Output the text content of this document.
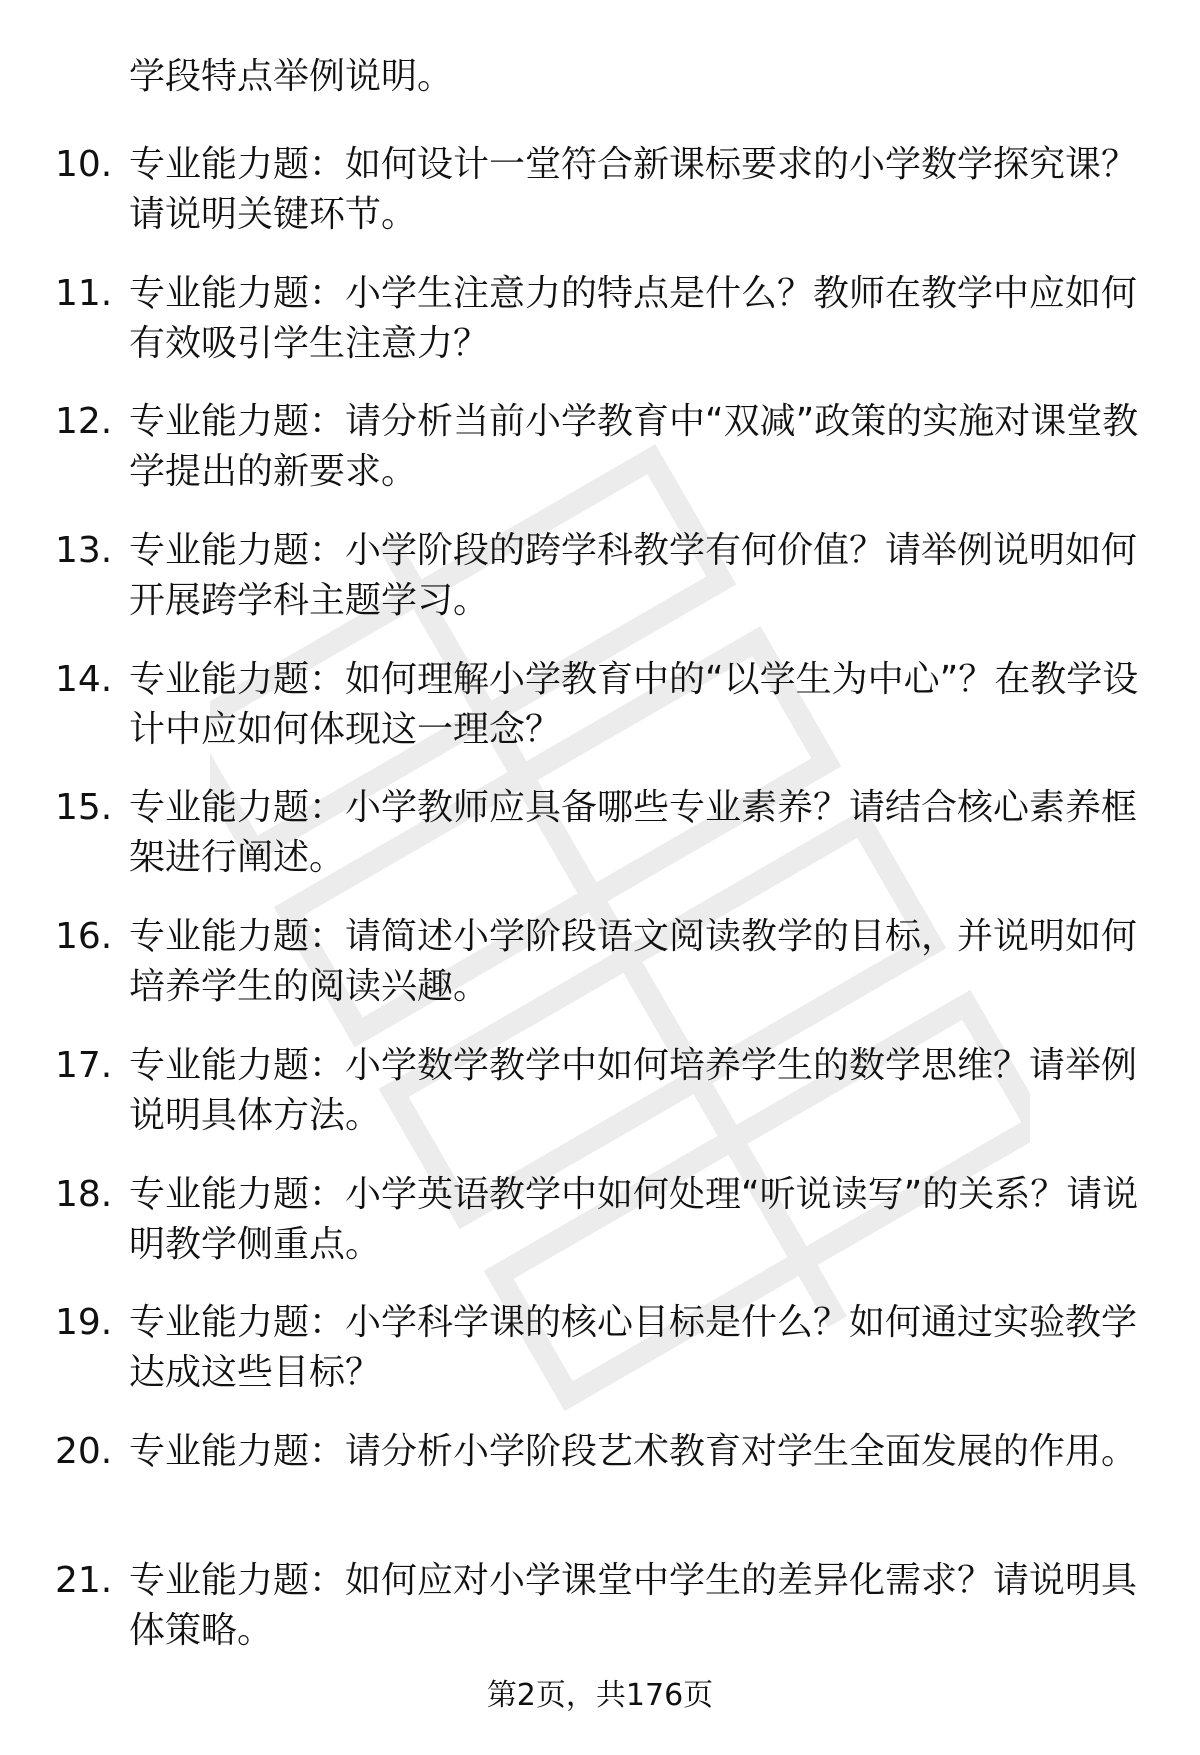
学段特点举例说明。
10. 专业能力题：如何设计一堂符合新课标要求的小学数学探究课？请说明关键环节。
11. 专业能力题：小学生注意力的特点是什么？教师在教学中应如何有效吸引学生注意力？
12. 专业能力题：请分析当前小学教育中“双减”政策的实施对课堂教学提出的新要求。
13. 专业能力题：小学阶段的跨学科教学有何价值？请举例说明如何开展跨学科主题学习。
14. 专业能力题：如何理解小学教育中的“以学生为中心”？在教学设计中应如何体现这一理念？
15. 专业能力题：小学教师应具备哪些专业素养？请结合核心素养框架进行阐述。
16. 专业能力题：请简述小学阶段语文阅读教学的目标，并说明如何培养学生的阅读兴趣。
17. 专业能力题：小学数学教学中如何培养学生的数学思维？请举例说明具体方法。
18. 专业能力题：小学英语教学中如何处理“听说读写”的关系？请说明教学侧重点。
19. 专业能力题：小学科学课的核心目标是什么？如何通过实验教学达成这些目标？
20. 专业能力题：请分析小学阶段艺术教育对学生全面发展的作用。
21. 专业能力题：如何应对小学课堂中学生的差异化需求？请说明具体策略。
第2页，共176页
